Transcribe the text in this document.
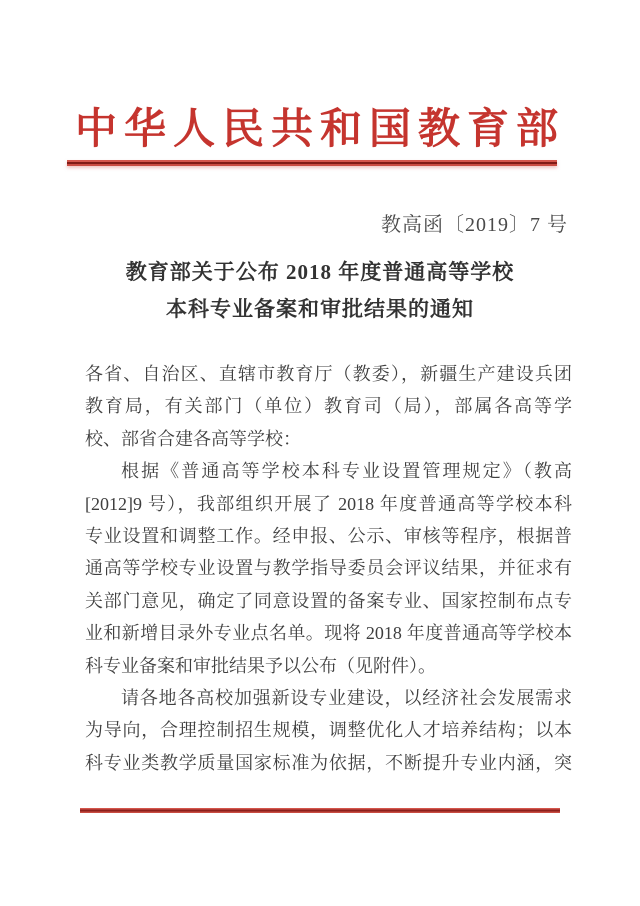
中华人民共和国教育部
教高函〔2019〕7 号
教育部关于公布 2018 年度普通高等学校
本科专业备案和审批结果的通知
各省、自治区、直辖市教育厅（教委），新疆生产建设兵团
教育局，有关部门（单位）教育司（局），部属各高等学
校、部省合建各高等学校：
根据《普通高等学校本科专业设置管理规定》（教高
[2012]9 号），我部组织开展了 2018 年度普通高等学校本科
专业设置和调整工作。经申报、公示、审核等程序，根据普
通高等学校专业设置与教学指导委员会评议结果，并征求有
关部门意见，确定了同意设置的备案专业、国家控制布点专
业和新增目录外专业点名单。现将 2018 年度普通高等学校本
科专业备案和审批结果予以公布（见附件）。
请各地各高校加强新设专业建设，以经济社会发展需求
为导向，合理控制招生规模，调整优化人才培养结构；以本
科专业类教学质量国家标准为依据，不断提升专业内涵，突
